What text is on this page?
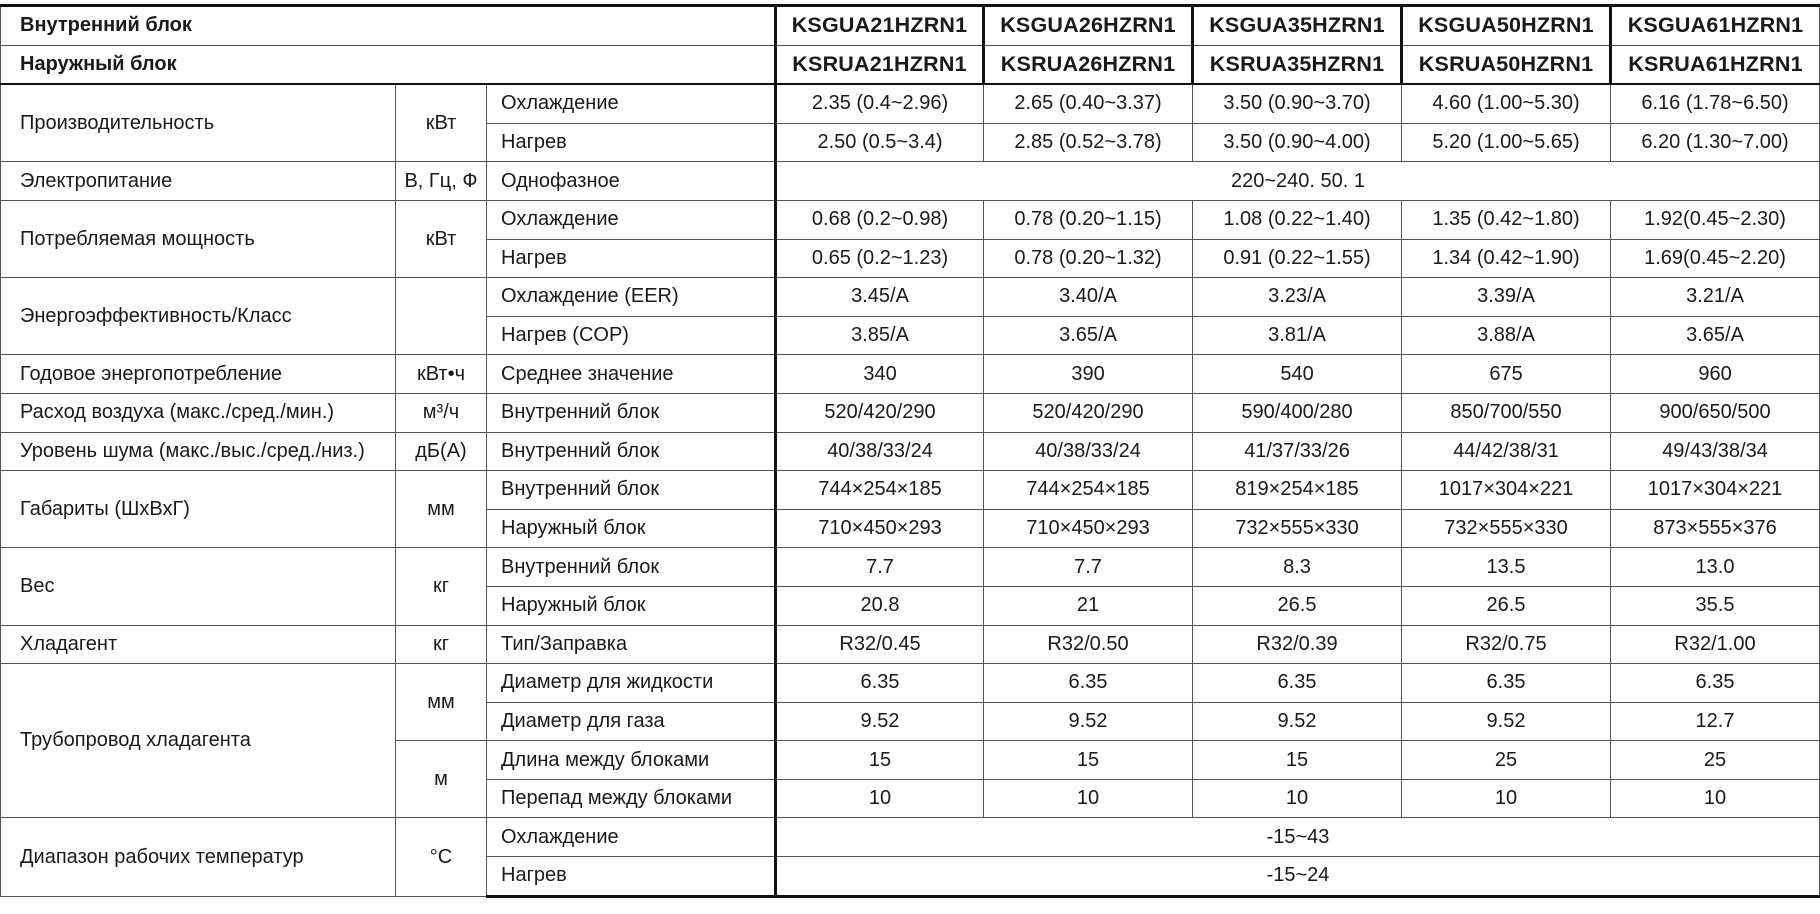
Внутренний блок			KSGUA21HZRN1	KSGUA26HZRN1	KSGUA35HZRN1	KSGUA50HZRN1	KSGUA61HZRN1
Наружный блок			KSRUA21HZRN1	KSRUA26HZRN1	KSRUA35HZRN1	KSRUA50HZRN1	KSRUA61HZRN1
Производительность	кВт	Охлаждение	2.35 (0.4~2.96)	2.65 (0.40~3.37)	3.50 (0.90~3.70)	4.60 (1.00~5.30)	6.16 (1.78~6.50)
		Нагрев	2.50 (0.5~3.4)	2.85 (0.52~3.78)	3.50 (0.90~4.00)	5.20 (1.00~5.65)	6.20 (1.30~7.00)
Электропитание	В, Гц, Ф	Однофазное	220~240. 50. 1				
Потребляемая мощность	кВт	Охлаждение	0.68 (0.2~0.98)	0.78 (0.20~1.15)	1.08 (0.22~1.40)	1.35 (0.42~1.80)	1.92(0.45~2.30)
		Нагрев	0.65 (0.2~1.23)	0.78 (0.20~1.32)	0.91 (0.22~1.55)	1.34 (0.42~1.90)	1.69(0.45~2.20)
Энергоэффективность/Класс		Охлаждение (EER)	3.45/A	3.40/A	3.23/A	3.39/A	3.21/A
		Нагрев (COP)	3.85/A	3.65/A	3.81/A	3.88/A	3.65/A
Годовое энергопотребление	кВт•ч	Среднее значение	340	390	540	675	960
Расход воздуха (макс./сред./мин.)	м³/ч	Внутренний блок	520/420/290	520/420/290	590/400/280	850/700/550	900/650/500
Уровень шума (макс./выс./сред./низ.)	дБ(А)	Внутренний блок	40/38/33/24	40/38/33/24	41/37/33/26	44/42/38/31	49/43/38/34
Габариты (ШхВхГ)	мм	Внутренний блок	744×254×185	744×254×185	819×254×185	1017×304×221	1017×304×221
		Наружный блок	710×450×293	710×450×293	732×555×330	732×555×330	873×555×376
Вес	кг	Внутренний блок	7.7	7.7	8.3	13.5	13.0
		Наружный блок	20.8	21	26.5	26.5	35.5
Хладагент	кг	Тип/Заправка	R32/0.45	R32/0.50	R32/0.39	R32/0.75	R32/1.00
Трубопровод хладагента	мм	Диаметр для жидкости	6.35	6.35	6.35	6.35	6.35
		Диаметр для газа	9.52	9.52	9.52	9.52	12.7
	м	Длина между блоками	15	15	15	25	25
		Перепад между блоками	10	10	10	10	10
Диапазон рабочих температур	°C	Охлаждение	-15~43				
		Нагрев	-15~24				
